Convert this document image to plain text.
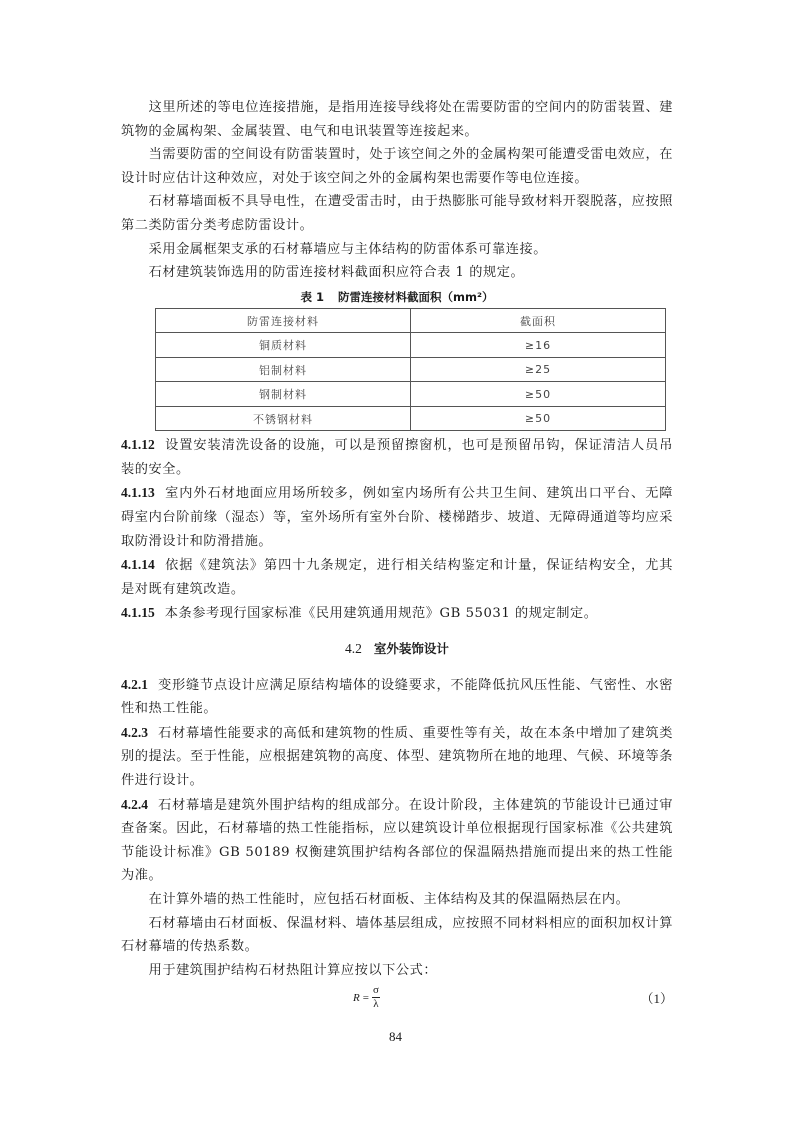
这里所述的等电位连接措施，是指用连接导线将处在需要防雷的空间内的防雷装置、建筑物的金属构架、金属装置、电气和电讯装置等连接起来。

当需要防雷的空间设有防雷装置时，处于该空间之外的金属构架可能遭受雷电效应，在设计时应估计这种效应，对处于该空间之外的金属构架也需要作等电位连接。

石材幕墙面板不具导电性，在遭受雷击时，由于热膨胀可能导致材料开裂脱落，应按照第二类防雷分类考虑防雷设计。

采用金属框架支承的石材幕墙应与主体结构的防雷体系可靠连接。

石材建筑装饰选用的防雷连接材料截面积应符合表 1 的规定。

表 1 防雷连接材料截面积（mm²）
防雷连接材料	截面积
铜质材料	≥16
铝制材料	≥25
钢制材料	≥50
不锈钢材料	≥50

4.1.12 设置安装清洗设备的设施，可以是预留擦窗机，也可是预留吊钩，保证清洁人员吊装的安全。

4.1.13 室内外石材地面应用场所较多，例如室内场所有公共卫生间、建筑出口平台、无障碍室内台阶前缘（湿态）等，室外场所有室外台阶、楼梯踏步、坡道、无障碍通道等均应采取防滑设计和防滑措施。

4.1.14 依据《建筑法》第四十九条规定，进行相关结构鉴定和计量，保证结构安全，尤其是对既有建筑改造。

4.1.15 本条参考现行国家标准《民用建筑通用规范》GB 55031 的规定制定。

4.2 室外装饰设计

4.2.1 变形缝节点设计应满足原结构墙体的设缝要求，不能降低抗风压性能、气密性、水密性和热工性能。

4.2.3 石材幕墙性能要求的高低和建筑物的性质、重要性等有关，故在本条中增加了建筑类别的提法。至于性能，应根据建筑物的高度、体型、建筑物所在地的地理、气候、环境等条件进行设计。

4.2.4 石材幕墙是建筑外围护结构的组成部分。在设计阶段，主体建筑的节能设计已通过审查备案。因此，石材幕墙的热工性能指标，应以建筑设计单位根据现行国家标准《公共建筑节能设计标准》GB 50189 权衡建筑围护结构各部位的保温隔热措施而提出来的热工性能为准。

在计算外墙的热工性能时，应包括石材面板、主体结构及其的保温隔热层在内。

石材幕墙由石材面板、保温材料、墙体基层组成，应按照不同材料相应的面积加权计算石材幕墙的传热系数。

用于建筑围护结构石材热阻计算应按以下公式：

$R = \frac{\sigma}{\lambda}$	（1）
84
